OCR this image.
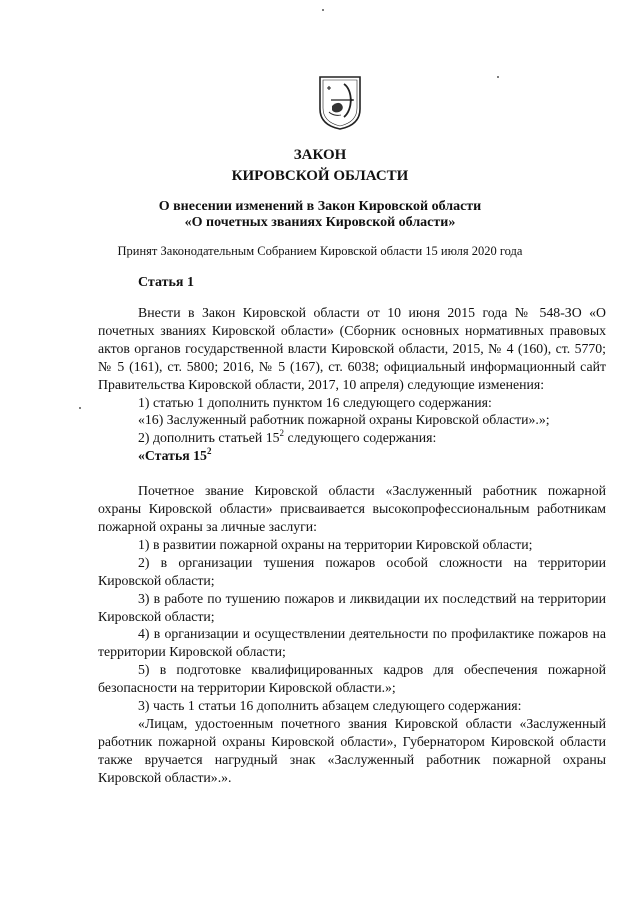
ЗАКОН
КИРОВСКОЙ ОБЛАСТИ
О внесении изменений в Закон Кировской области
«О почетных званиях Кировской области»
Принят Законодательным Собранием Кировской области 15 июля 2020 года
Статья 1

Внести в Закон Кировской области от 10 июня 2015 года № 548-ЗО «О почетных званиях Кировской области» (Сборник основных нормативных правовых актов органов государственной власти Кировской области, 2015, № 4 (160), ст. 5770; № 5 (161), ст. 5800; 2016, № 5 (167), ст. 6038; официальный информационный сайт Правительства Кировской области, 2017, 10 апреля) следующие изменения:

1) статью 1 дополнить пунктом 16 следующего содержания:

«16) Заслуженный работник пожарной охраны Кировской области».»;

2) дополнить статьей $15^2$ следующего содержания:

«Статья $15^2$

Почетное звание Кировской области «Заслуженный работник пожарной охраны Кировской области» присваивается высокопрофессиональным работникам пожарной охраны за личные заслуги:

1) в развитии пожарной охраны на территории Кировской области;

2) в организации тушения пожаров особой сложности на территории Кировской области;

3) в работе по тушению пожаров и ликвидации их последствий на территории Кировской области;

4) в организации и осуществлении деятельности по профилактике пожаров на территории Кировской области;

5) в подготовке квалифицированных кадров для обеспечения пожарной безопасности на территории Кировской области.»;

3) часть 1 статьи 16 дополнить абзацем следующего содержания:

«Лицам, удостоенным почетного звания Кировской области «Заслуженный работник пожарной охраны Кировской области», Губернатором Кировской области также вручается нагрудный знак «Заслуженный работник пожарной охраны Кировской области».».
